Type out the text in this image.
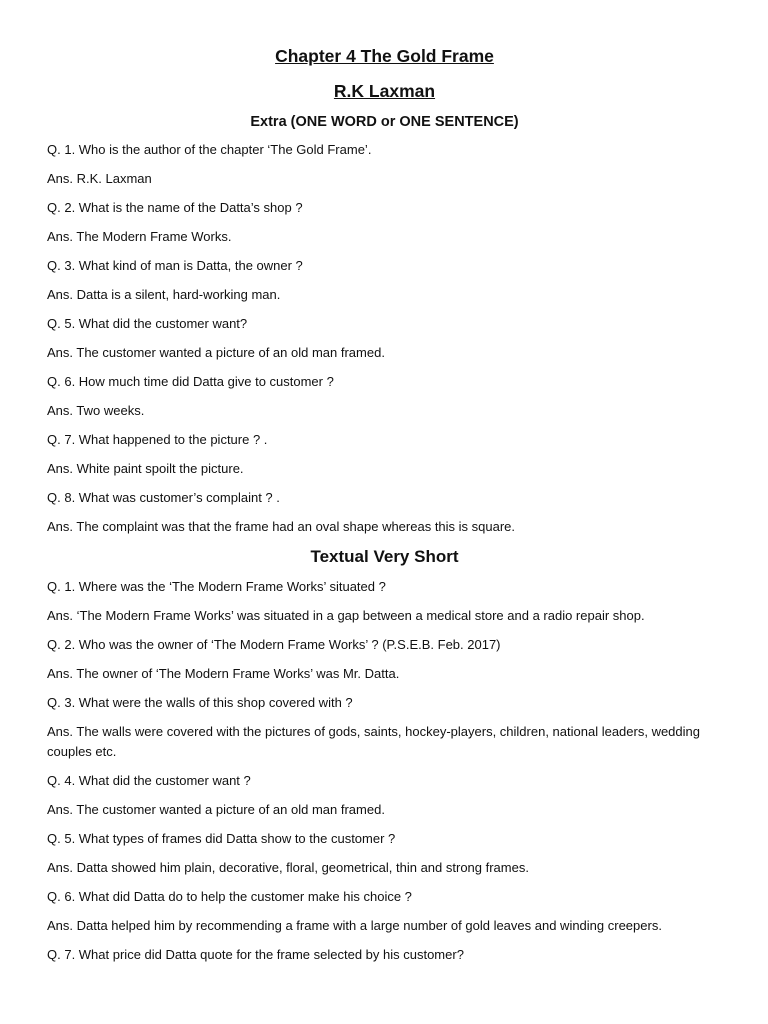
Chapter 4 The Gold Frame
R.K Laxman
Extra (ONE WORD or ONE SENTENCE)
Q. 1. Who is the author of the chapter ‘The Gold Frame’.
Ans. R.K. Laxman
Q. 2. What is the name of the Datta’s shop ?
Ans. The Modern Frame Works.
Q. 3. What kind of man is Datta, the owner ?
Ans. Datta is a silent, hard-working man.
Q. 5. What did the customer want?
Ans. The customer wanted a picture of an old man framed.
Q. 6. How much time did Datta give to customer ?
Ans. Two weeks.
Q. 7. What happened to the picture ? .
Ans. White paint spoilt the picture.
Q. 8. What was customer’s complaint ? .
Ans. The complaint was that the frame had an oval shape whereas this is square.
Textual Very Short
Q. 1. Where was the ‘The Modern Frame Works’ situated ?
Ans. ‘The Modern Frame Works’ was situated in a gap between a medical store and a radio repair shop.
Q. 2. Who was the owner of ‘The Modern Frame Works’ ? (P.S.E.B. Feb. 2017)
Ans. The owner of ‘The Modern Frame Works’ was Mr. Datta.
Q. 3. What were the walls of this shop covered with ?
Ans. The walls were covered with the pictures of gods, saints, hockey-players, children, national leaders, wedding couples etc.
Q. 4. What did the customer want ?
Ans. The customer wanted a picture of an old man framed.
Q. 5. What types of frames did Datta show to the customer ?
Ans. Datta showed him plain, decorative, floral, geometrical, thin and strong frames.
Q. 6. What did Datta do to help the customer make his choice ?
Ans. Datta helped him by recommending a frame with a large number of gold leaves and winding creepers.
Q. 7. What price did Datta quote for the frame selected by his customer?
